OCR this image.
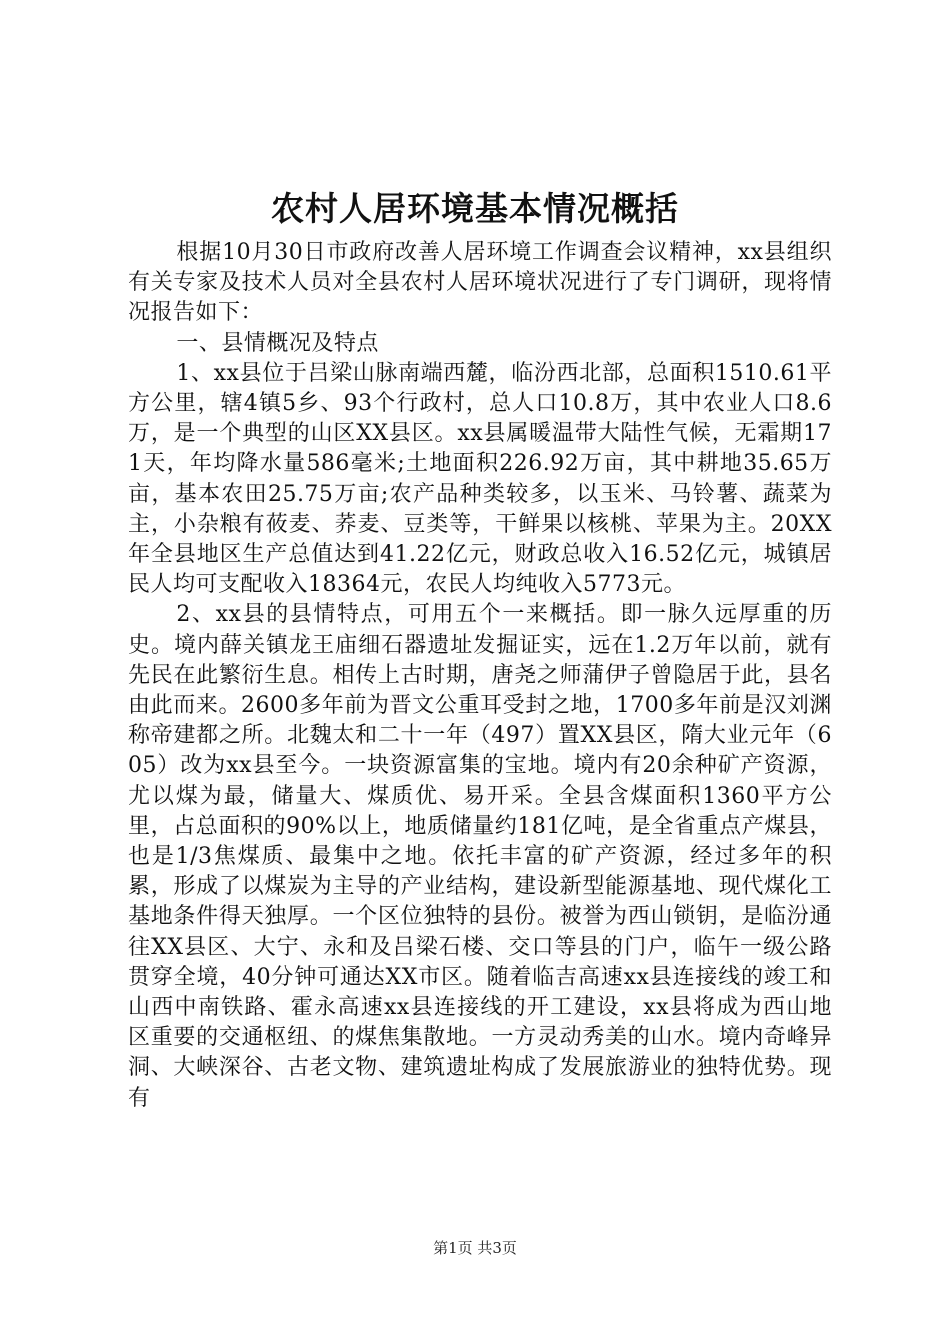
农村人居环境基本情况概括

根据10月30日市政府改善人居环境工作调查会议精神，xx县组织有关专家及技术人员对全县农村人居环境状况进行了专门调研，现将情况报告如下：

一、县情概况及特点

1、xx县位于吕梁山脉南端西麓，临汾西北部，总面积1510.61平方公里，辖4镇5乡、93个行政村，总人口10.8万，其中农业人口8.6万，是一个典型的山区XX县区。xx县属暖温带大陆性气候，无霜期171天，年均降水量586毫米;土地面积226.92万亩，其中耕地35.65万亩，基本农田25.75万亩;农产品种类较多，以玉米、马铃薯、蔬菜为主，小杂粮有莜麦、荞麦、豆类等，干鲜果以核桃、苹果为主。20XX年全县地区生产总值达到41.22亿元，财政总收入16.52亿元，城镇居民人均可支配收入18364元，农民人均纯收入5773元。

2、xx县的县情特点，可用五个一来概括。即一脉久远厚重的历史。境内薛关镇龙王庙细石器遗址发掘证实，远在1.2万年以前，就有先民在此繁衍生息。相传上古时期，唐尧之师蒲伊子曾隐居于此，县名由此而来。2600多年前为晋文公重耳受封之地，1700多年前是汉刘渊称帝建都之所。北魏太和二十一年（497）置XX县区，隋大业元年（605）改为xx县至今。一块资源富集的宝地。境内有20余种矿产资源，尤以煤为最，储量大、煤质优、易开采。全县含煤面积1360平方公里，占总面积的90%以上，地质储量约181亿吨，是全省重点产煤县，也是1/3焦煤质、最集中之地。依托丰富的矿产资源，经过多年的积累，形成了以煤炭为主导的产业结构，建设新型能源基地、现代煤化工基地条件得天独厚。一个区位独特的县份。被誉为西山锁钥，是临汾通往XX县区、大宁、永和及吕梁石楼、交口等县的门户，临午一级公路贯穿全境，40分钟可通达XX市区。随着临吉高速xx县连接线的竣工和山西中南铁路、霍永高速xx县连接线的开工建设，xx县将成为西山地区重要的交通枢纽、的煤焦集散地。一方灵动秀美的山水。境内奇峰异洞、大峡深谷、古老文物、建筑遗址构成了发展旅游业的独特优势。现有

第1页 共3页
